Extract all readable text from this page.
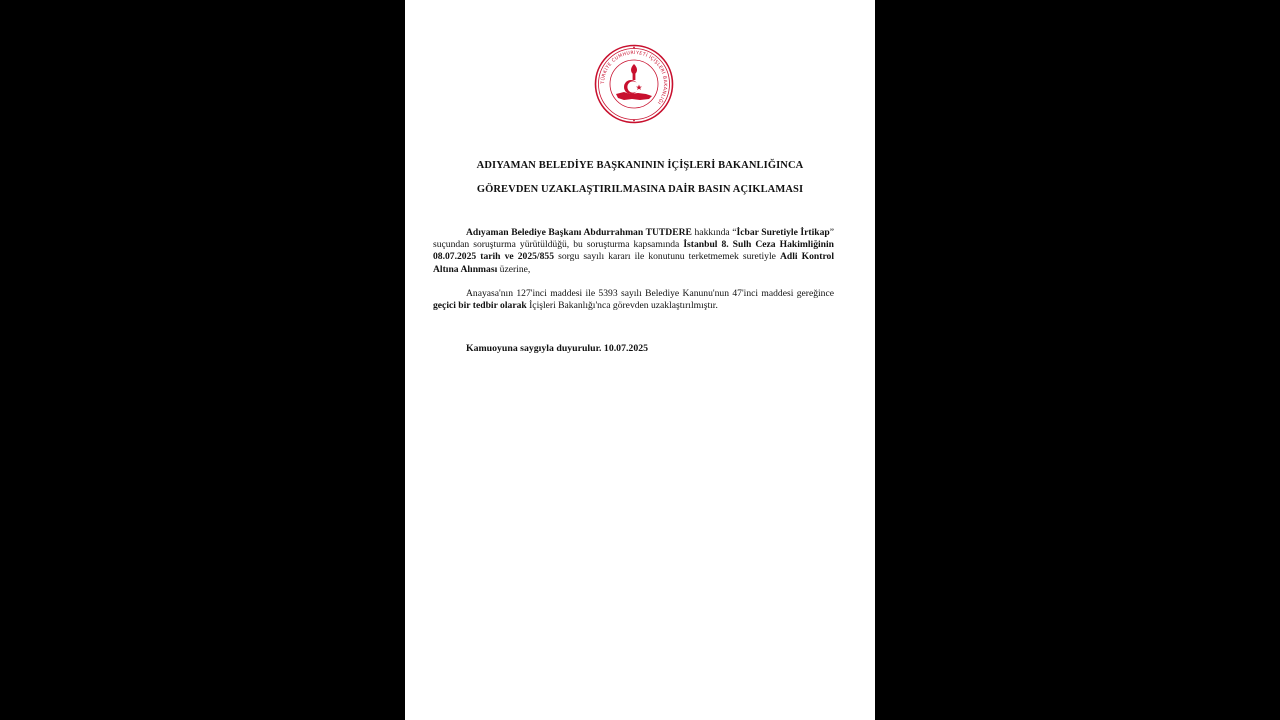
TÜRKİYE CUMHURİYETİ İÇİŞLERİ BAKANLIĞI
ADIYAMAN BELEDİYE BAŞKANININ İÇİŞLERİ BAKANLIĞINCA
GÖREVDEN UZAKLAŞTIRILMASINA DAİR BASIN AÇIKLAMASI
Adıyaman Belediye Başkanı Abdurrahman TUTDERE hakkında “İcbar Suretiyle İrtikap” suçundan soruşturma yürütüldüğü, bu soruşturma kapsamında İstanbul 8. Sulh Ceza Hakimliğinin 08.07.2025 tarih ve 2025/855 sorgu sayılı kararı ile konutunu terketmemek suretiyle Adli Kontrol Altına Alınması üzerine,
Anayasa'nın 127'inci maddesi ile 5393 sayılı Belediye Kanunu'nun 47'inci maddesi gereğince geçici bir tedbir olarak İçişleri Bakanlığı'nca görevden uzaklaştırılmıştır.
Kamuoyuna saygıyla duyurulur. 10.07.2025
